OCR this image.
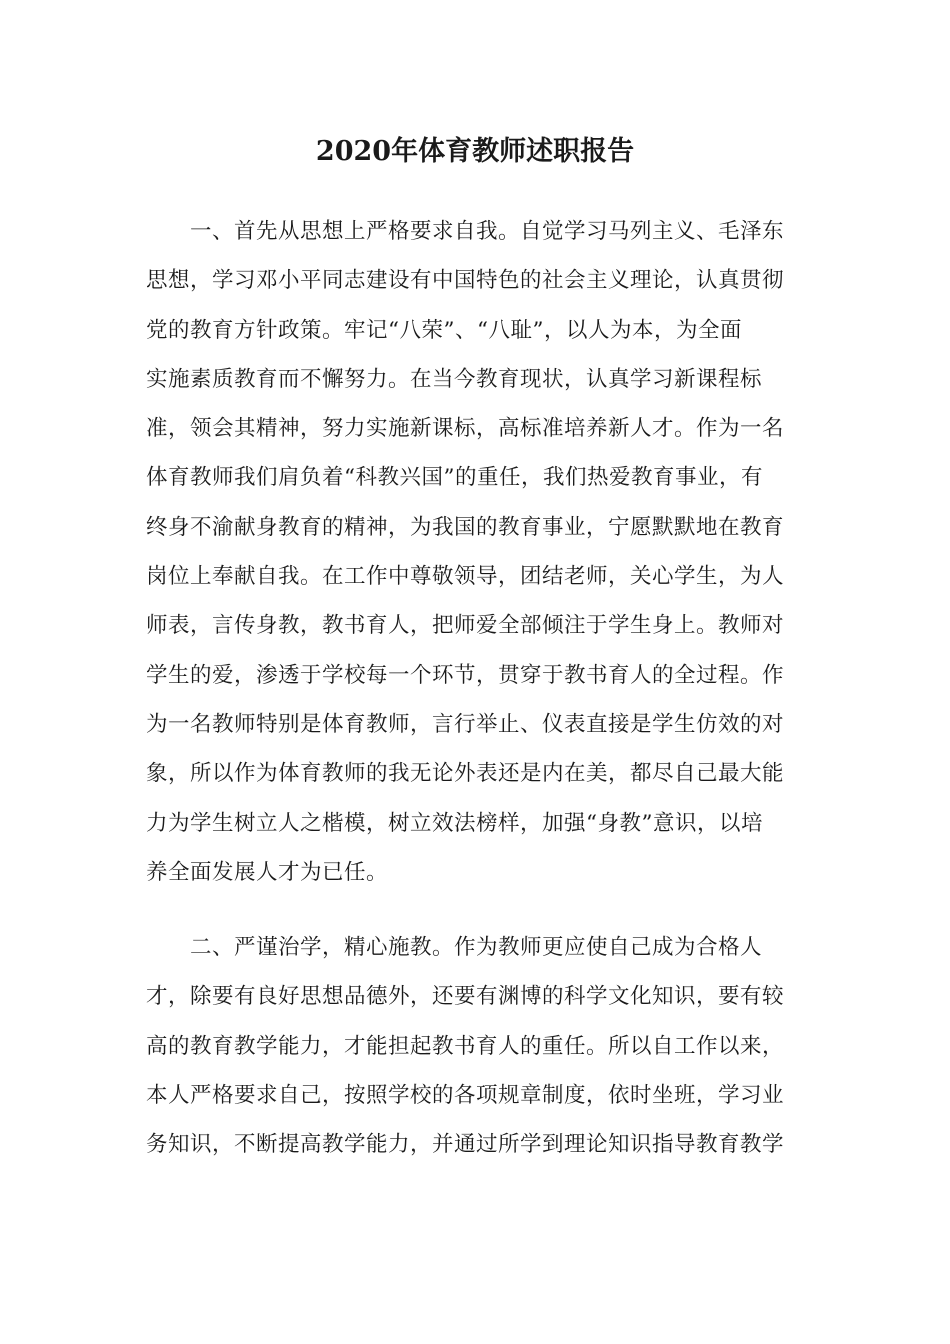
2020年体育教师述职报告
　　一、首先从思想上严格要求自我。自觉学习马列主义、毛泽东
思想，学习邓小平同志建设有中国特色的社会主义理论，认真贯彻
党的教育方针政策。牢记“八荣”、“八耻”，以人为本，为全面
实施素质教育而不懈努力。在当今教育现状，认真学习新课程标
准，领会其精神，努力实施新课标，高标准培养新人才。作为一名
体育教师我们肩负着“科教兴国”的重任，我们热爱教育事业，有
终身不渝献身教育的精神，为我国的教育事业，宁愿默默地在教育
岗位上奉献自我。在工作中尊敬领导，团结老师，关心学生，为人
师表，言传身教，教书育人，把师爱全部倾注于学生身上。教师对
学生的爱，渗透于学校每一个环节，贯穿于教书育人的全过程。作
为一名教师特别是体育教师，言行举止、仪表直接是学生仿效的对
象，所以作为体育教师的我无论外表还是内在美，都尽自己最大能
力为学生树立人之楷模，树立效法榜样，加强“身教”意识，以培
养全面发展人才为已任。
　　二、严谨治学，精心施教。作为教师更应使自己成为合格人
才，除要有良好思想品德外，还要有渊博的科学文化知识，要有较
高的教育教学能力，才能担起教书育人的重任。所以自工作以来，
本人严格要求自己，按照学校的各项规章制度，依时坐班，学习业
务知识，不断提高教学能力，并通过所学到理论知识指导教育教学
